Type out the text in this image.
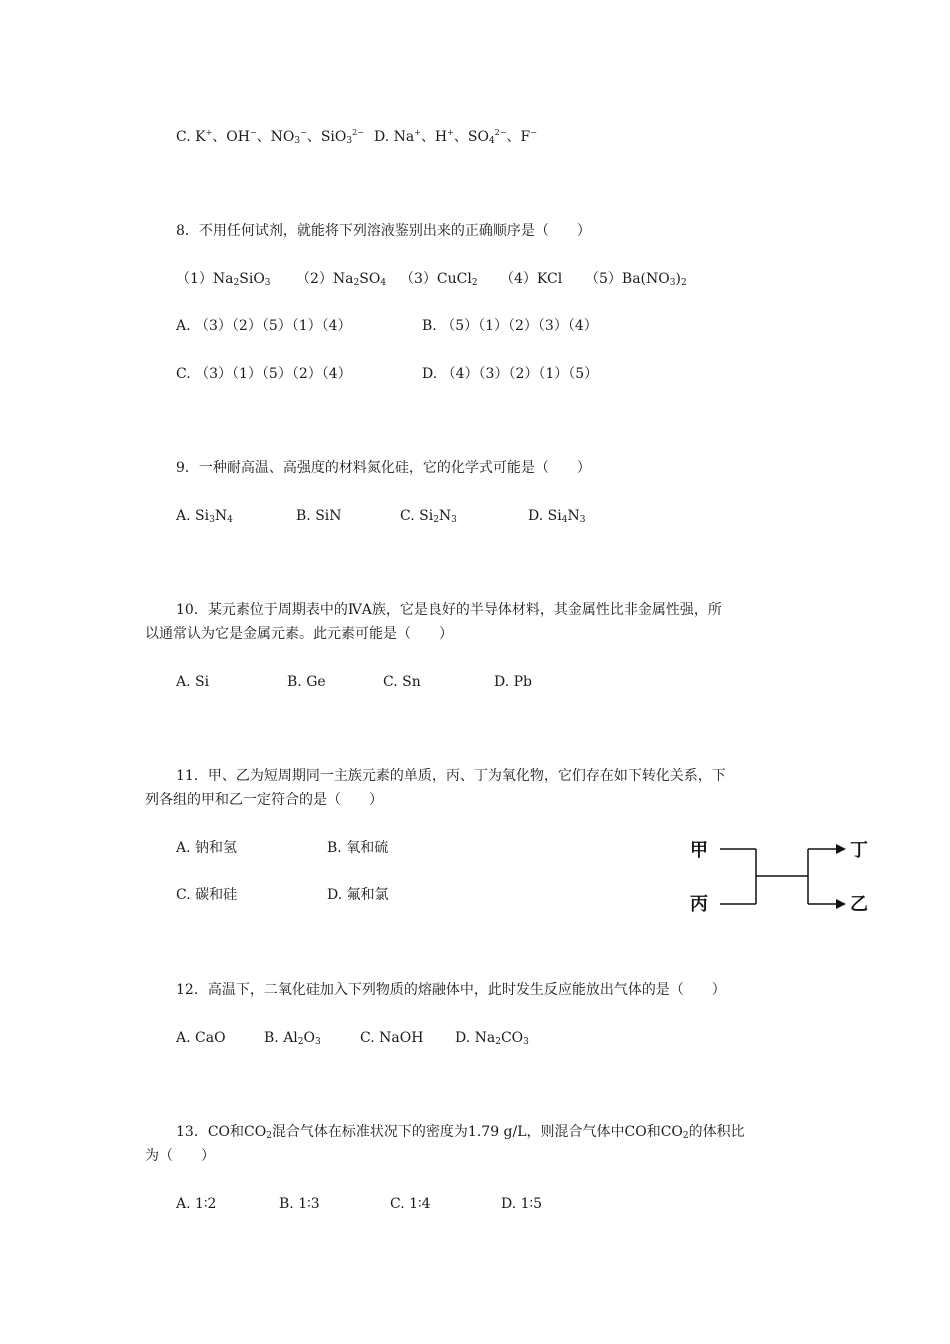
C. K+、OH−、$NO_3^-$、SiO$_3^{2-}$ D. Na+、H+、$SO_4^{2-}$、F−
8．不用任何试剂，就能将下列溶液鉴别出来的正确顺序是（　　）
$(1)Na_2SiO_3$ $(2)Na_2SO_4$ （3）CuCl$_2$ （4）KCl $(5)Ba(NO_3)_2$
A. （3）（2）（5）（1）（4）	B. （5）（1）（2）（3）（4）
C. （3）（1）（5）（2）（4）	D. （4）（3）（2）（1）（5）
9．一种耐高温、高强度的材料氮化硅，它的化学式可能是（　　）
A. $Si_3N_4$	B. SiN	C. $Si_2N_3$	D. $Si_4N_3$
10．某元素位于周期表中的ⅣA族，它是良好的半导体材料，其金属性比非金属性强，所
以通常认为它是金属元素。此元素可能是（　　）
A. Si	B. Ge	C. Sn	D. Pb
11．甲、乙为短周期同一主族元素的单质，丙、丁为氧化物，它们存在如下转化关系，下
列各组的甲和乙一定符合的是（　　）
A. 钠和氢	B. 氧和硫
C. 碳和硅	D. 氟和氯
甲
丙
丁
乙
12．高温下，二氧化硅加入下列物质的熔融体中，此时发生反应能放出气体的是（　　）
A. CaO	B. $Al_2O_3$	C. NaOH D. $Na_2CO_3$
13．CO和$CO_2$混合气体在标准状况下的密度为1.79 g/L，则混合气体中CO和$CO_2$的体积比
为（　　）
A. 1∶2	B. 1∶3	C. 1∶4	D. 1∶5
